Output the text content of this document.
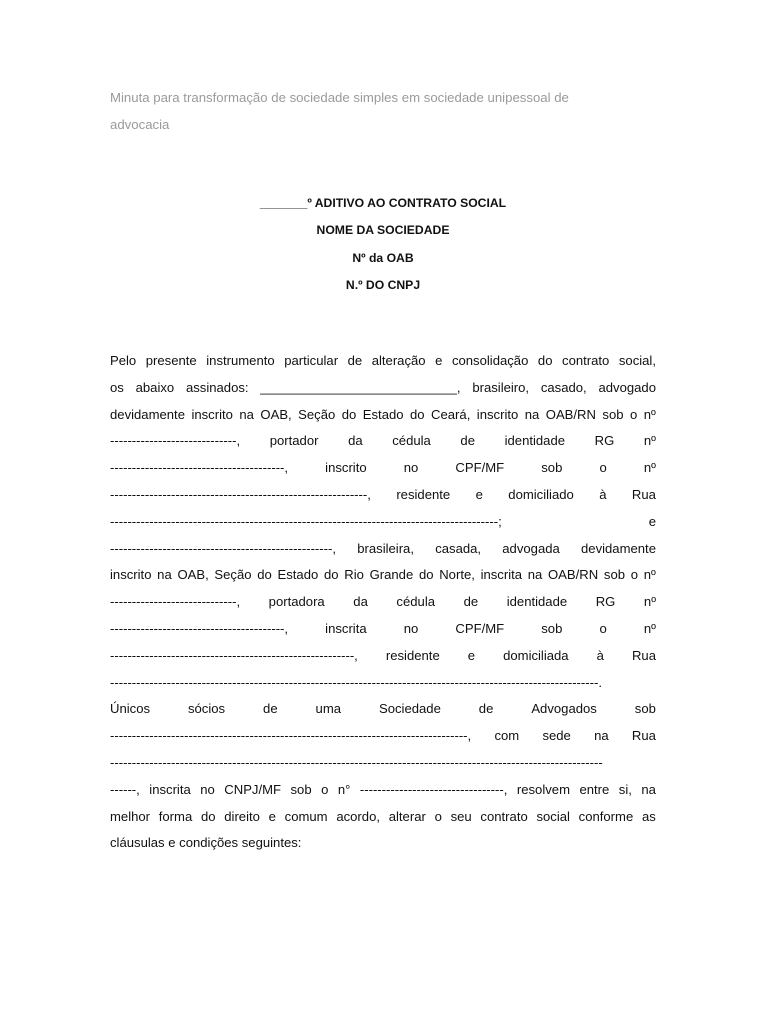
Minuta para transformação de sociedade simples em sociedade unipessoal de
advocacia
_______º ADITIVO AO CONTRATO SOCIAL
NOME DA SOCIEDADE
Nº da OAB
N.º DO CNPJ
Pelo presente instrumento particular de alteração e consolidação do contrato social,
os abaixo assinados: ___________________________, brasileiro, casado, advogado
devidamente inscrito na OAB, Seção do Estado do Ceará, inscrito na OAB/RN sob o nº
-----------------------------, portador da cédula de identidade RG nº
----------------------------------------,	inscrito	no	CPF/MF	sob	o	nº
-----------------------------------------------------------, residente e domiciliado à Rua
-----------------------------------------------------------------------------------------;	e
---------------------------------------------------, brasileira, casada, advogada devidamente
inscrito na OAB, Seção do Estado do Rio Grande do Norte, inscrita na OAB/RN sob o nº
-----------------------------, portadora da cédula de identidade RG nº
----------------------------------------,	inscrita	no	CPF/MF	sob	o	nº
--------------------------------------------------------, residente e domiciliada à Rua
----------------------------------------------------------------------------------------------------------------.
Únicos	sócios	de	uma	Sociedade	de	Advogados	sob
----------------------------------------------------------------------------------, com sede na Rua
-----------------------------------------------------------------------------------------------------------------
------, inscrita no CNPJ/MF sob o n° ---------------------------------, resolvem entre si, na
melhor forma do direito e comum acordo, alterar o seu contrato social conforme as
cláusulas e condições seguintes:
